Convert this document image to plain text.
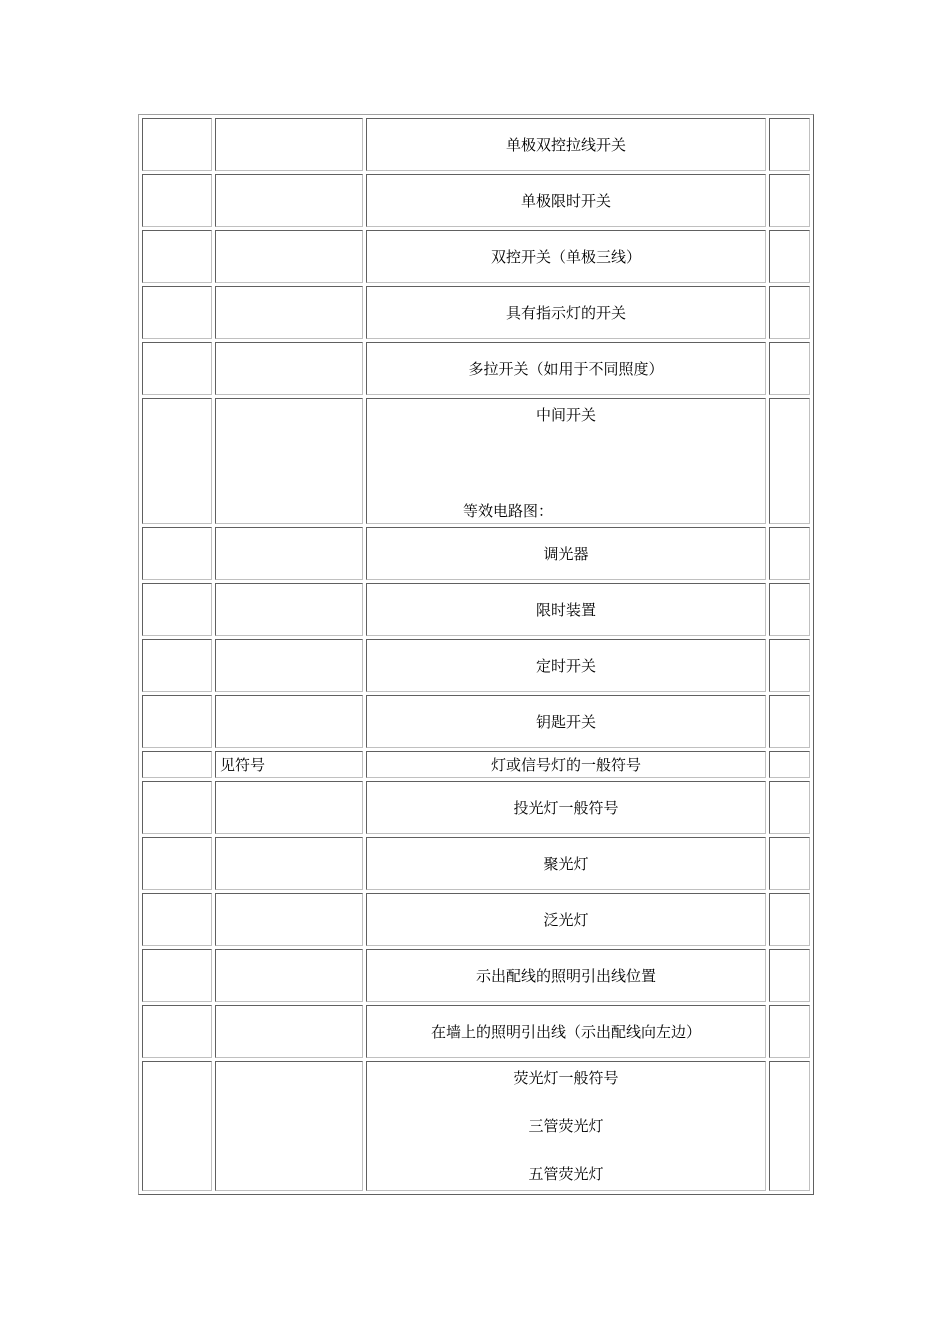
		单极双控拉线开关	
		单极限时开关	
		双控开关（单极三线）	
		具有指示灯的开关	
		多拉开关（如用于不同照度）	

		中间开关
等效电路图：	

		调光器	
		限时装置	
		定时开关	
		钥匙开关	
	见符号	灯或信号灯的一般符号	
		投光灯一般符号	
		聚光灯	
		泛光灯	
		示出配线的照明引出线位置	
		在墙上的照明引出线（示出配线向左边）	

		荧光灯一般符号
三管荧光灯
五管荧光灯	
